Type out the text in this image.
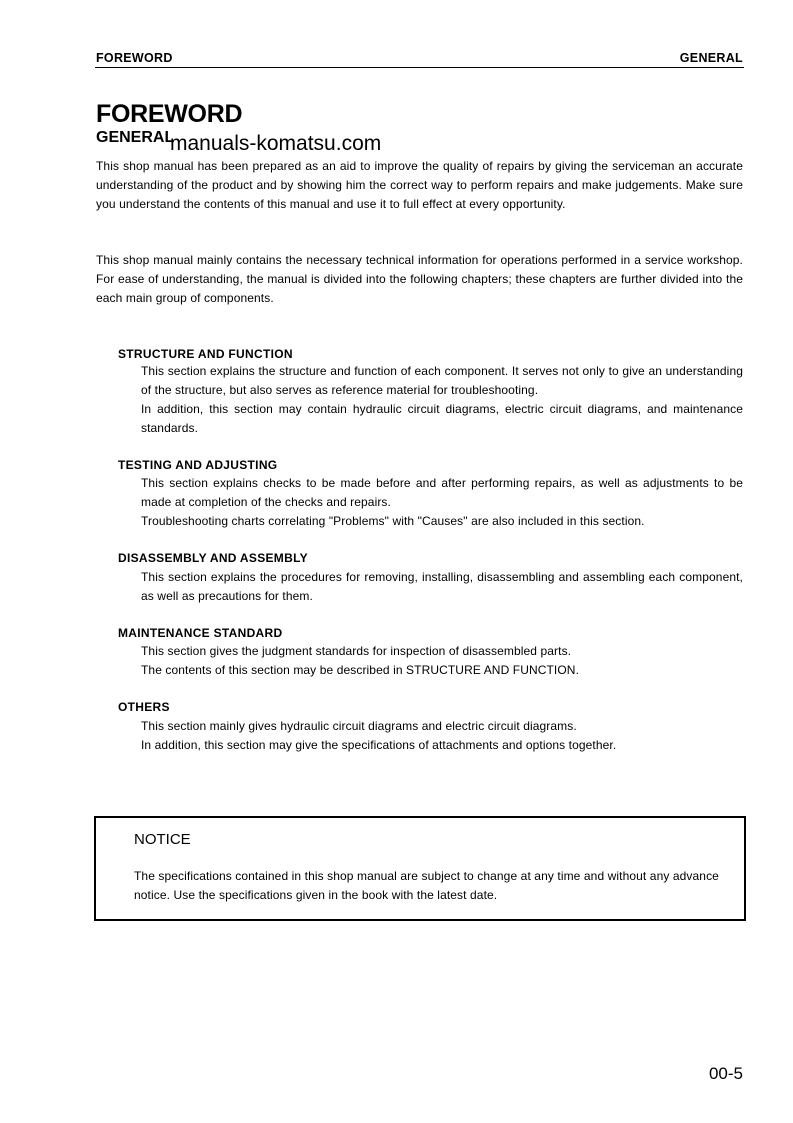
FOREWORD	GENERAL
FOREWORD
GENERAL
manuals-komatsu.com

This shop manual has been prepared as an aid to improve the quality of repairs by giving the serviceman an accurate understanding of the product and by showing him the correct way to perform repairs and make judgements. Make sure you understand the contents of this manual and use it to full effect at every opportunity.

This shop manual mainly contains the necessary technical information for operations performed in a service workshop. For ease of understanding, the manual is divided into the following chapters; these chapters are further divided into the each main group of components.

STRUCTURE AND FUNCTION

This section explains the structure and function of each component. It serves not only to give an understanding of the structure, but also serves as reference material for troubleshooting.

In addition, this section may contain hydraulic circuit diagrams, electric circuit diagrams, and maintenance standards.

TESTING AND ADJUSTING

This section explains checks to be made before and after performing repairs, as well as adjustments to be made at completion of the checks and repairs.

Troubleshooting charts correlating "Problems" with "Causes" are also included in this section.

DISASSEMBLY AND ASSEMBLY

This section explains the procedures for removing, installing, disassembling and assembling each component, as well as precautions for them.

MAINTENANCE STANDARD

This section gives the judgment standards for inspection of disassembled parts.

The contents of this section may be described in STRUCTURE AND FUNCTION.

OTHERS

This section mainly gives hydraulic circuit diagrams and electric circuit diagrams.

In addition, this section may give the specifications of attachments and options together.

NOTICE

The specifications contained in this shop manual are subject to change at any time and without any advance notice. Use the specifications given in the book with the latest date.

00-5
